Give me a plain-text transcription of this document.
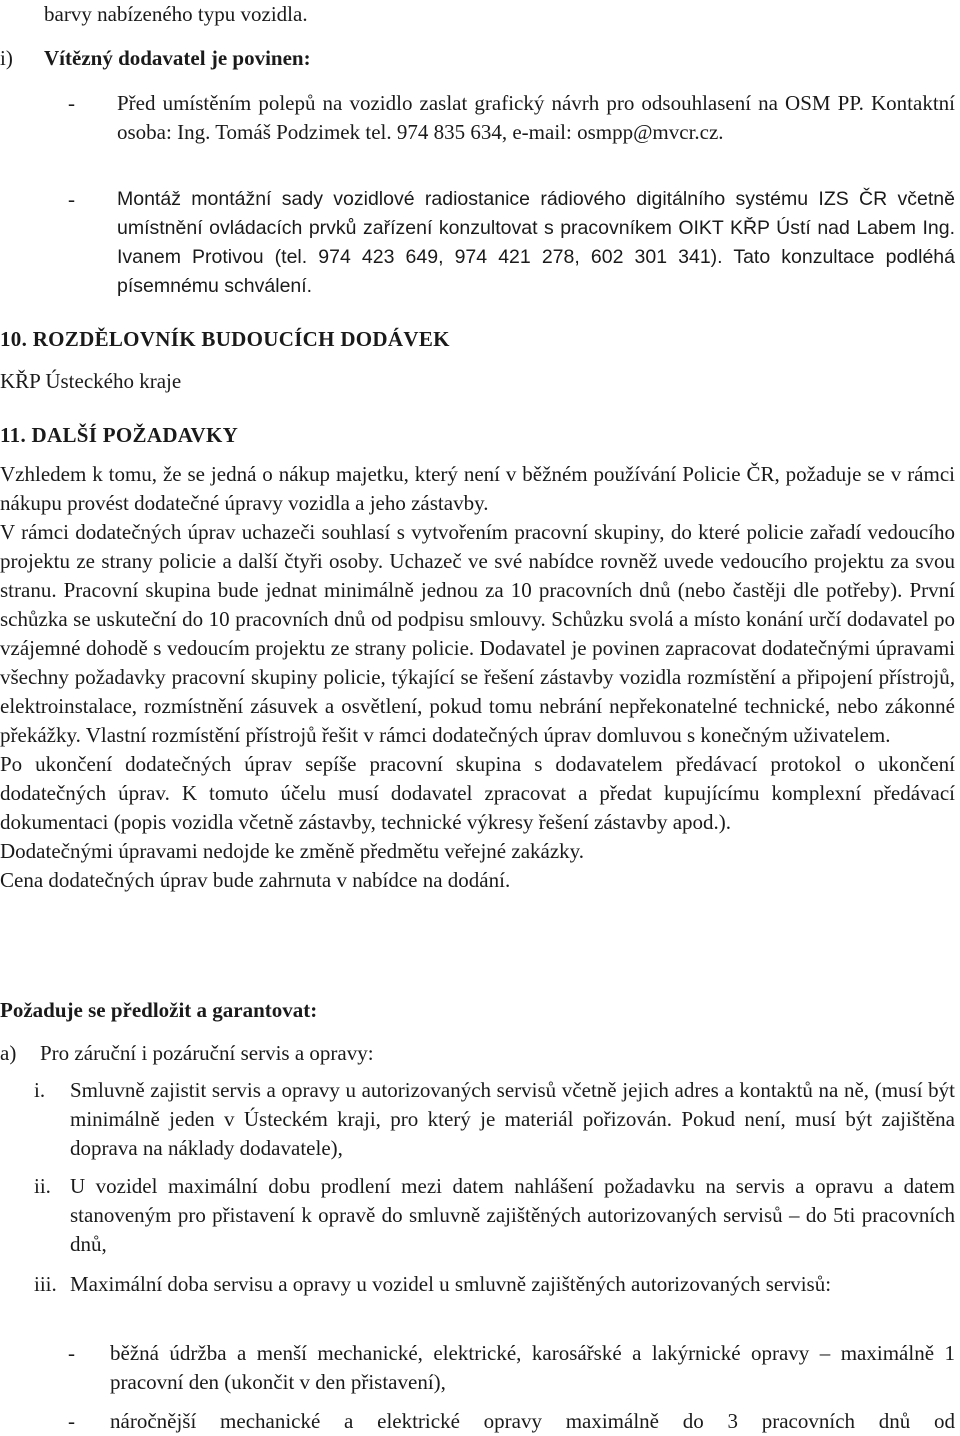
barvy nabízeného typu vozidla.
i) Vítězný dodavatel je povinen:
- Před umístěním polepů na vozidlo zaslat grafický návrh pro odsouhlasení na OSM PP. Kontaktní osoba: Ing. Tomáš Podzimek tel. 974 835 634, e-mail: osmpp@mvcr.cz.
- Montáž montážní sady vozidlové radiostanice rádiového digitálního systému IZS ČR včetně umístnění ovládacích prvků zařízení konzultovat s pracovníkem OIKT KŘP Ústí nad Labem Ing. Ivanem Protivou (tel. 974 423 649, 974 421 278, 602 301 341). Tato konzultace podléhá písemnému schválení.
10. ROZDĚLOVNÍK BUDOUCÍCH DODÁVEK
KŘP Ústeckého kraje
11. DALŠÍ POŽADAVKY

Vzhledem k tomu, že se jedná o nákup majetku, který není v běžném používání Policie ČR, požaduje se v rámci nákupu provést dodatečné úpravy vozidla a jeho zástavby.

V rámci dodatečných úprav uchazeči souhlasí s vytvořením pracovní skupiny, do které policie zařadí vedoucího projektu ze strany policie a další čtyři osoby. Uchazeč ve své nabídce rovněž uvede vedoucího projektu za svou stranu. Pracovní skupina bude jednat minimálně jednou za 10 pracovních dnů (nebo častěji dle potřeby). První schůzka se uskuteční do 10 pracovních dnů od podpisu smlouvy. Schůzku svolá a místo konání určí dodavatel po vzájemné dohodě s vedoucím projektu ze strany policie. Dodavatel je povinen zapracovat dodatečnými úpravami všechny požadavky pracovní skupiny policie, týkající se řešení zástavby vozidla rozmístění a připojení přístrojů, elektroinstalace, rozmístnění zásuvek a osvětlení, pokud tomu nebrání nepřekonatelné technické, nebo zákonné překážky. Vlastní rozmístění přístrojů řešit v rámci dodatečných úprav domluvou s konečným uživatelem.

Po ukončení dodatečných úprav sepíše pracovní skupina s dodavatelem předávací protokol o ukončení dodatečných úprav. K tomuto účelu musí dodavatel zpracovat a předat kupujícímu komplexní předávací dokumentaci (popis vozidla včetně zástavby, technické výkresy řešení zástavby apod.).

Dodatečnými úpravami nedojde ke změně předmětu veřejné zakázky.

Cena dodatečných úprav bude zahrnuta v nabídce na dodání.

Požaduje se předložit a garantovat:
a) Pro záruční i pozáruční servis a opravy:
i. Smluvně zajistit servis a opravy u autorizovaných servisů včetně jejich adres a kontaktů na ně, (musí být minimálně jeden v Ústeckém kraji, pro který je materiál pořizován. Pokud není, musí být zajištěna doprava na náklady dodavatele),
ii. U vozidel maximální dobu prodlení mezi datem nahlášení požadavku na servis a opravu a datem stanoveným pro přistavení k opravě do smluvně zajištěných autorizovaných servisů – do 5ti pracovních dnů,
iii. Maximální doba servisu a opravy u vozidel u smluvně zajištěných autorizovaných servisů:
- běžná údržba a menší mechanické, elektrické, karosářské a lakýrnické opravy – maximálně 1 pracovní den (ukončit v den přistavení),
- náročnější mechanické a elektrické opravy maximálně do 3 pracovních dnů od
